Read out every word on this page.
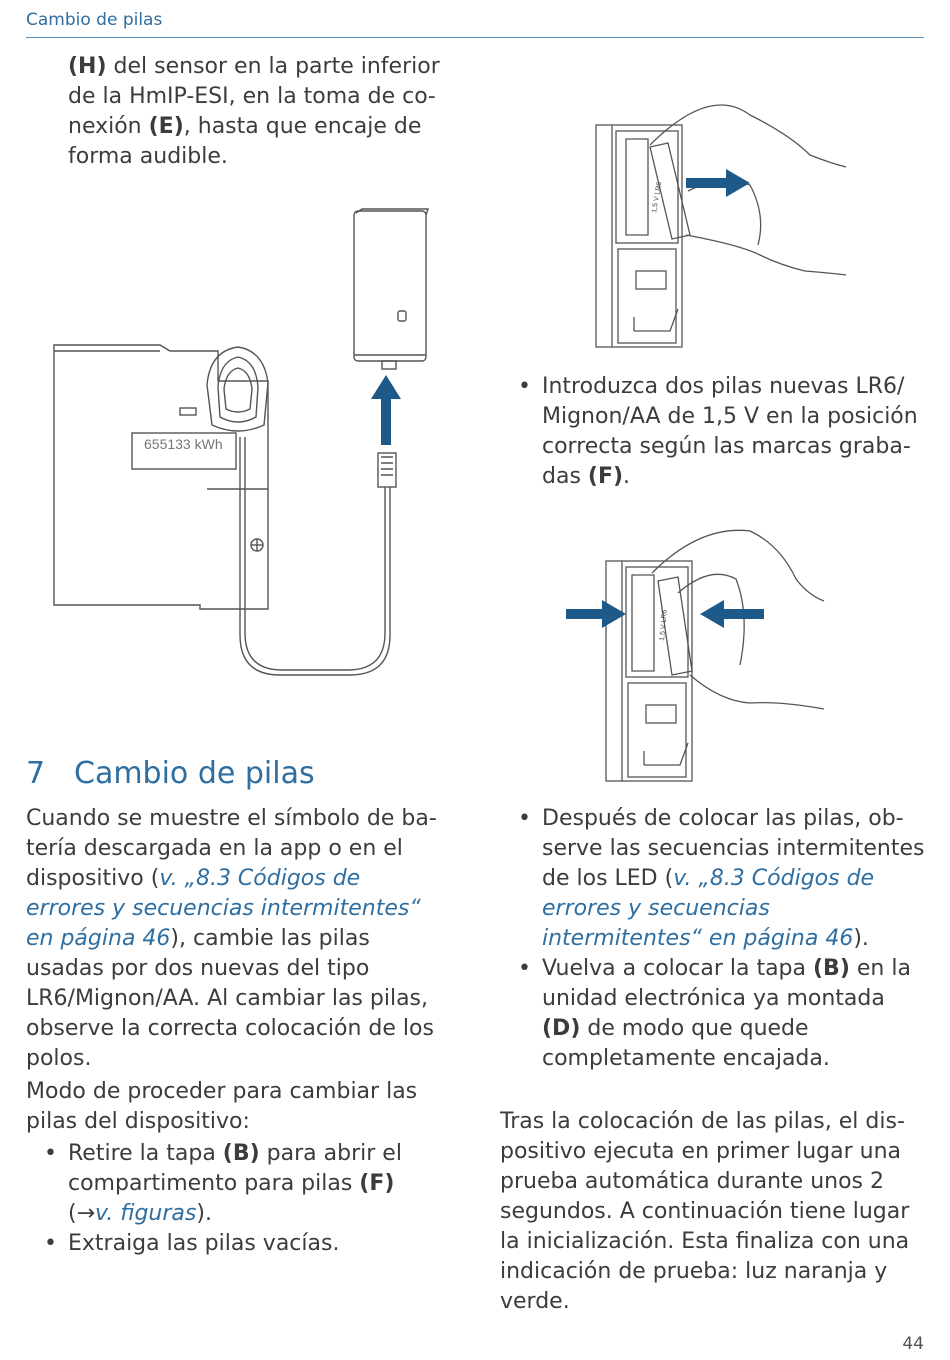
Cambio de pilas
(H) del sensor en la parte inferior de la HmIP-ESI, en la toma de conexión (E), hasta que encaje de forma audible.
655133 kWh
1,5 V LR6
• Introduzca dos pilas nuevas LR6/ Mignon/AA de 1,5 V en la posición correcta según las marcas grabadas (F).
1,5 V LR6
7 Cambio de pilas
Cuando se muestre el símbolo de batería descargada en la app o en el dispositivo (v. „8.3 Códigos de errores y secuencias intermitentes“ en página 46), cambie las pilas usadas por dos nuevas del tipo LR6/Mignon/AA. Al cambiar las pilas, observe la correcta colocación de los polos.
Modo de proceder para cambiar las pilas del dispositivo:
• Retire la tapa (B) para abrir el compartimento para pilas (F) (→v. figuras).
• Extraiga las pilas vacías.
• Después de colocar las pilas, observe las secuencias intermitentes de los LED (v. „8.3 Códigos de errores y secuencias intermitentes“ en página 46).
• Vuelva a colocar la tapa (B) en la unidad electrónica ya montada (D) de modo que quede completamente encajada.
Tras la colocación de las pilas, el dispositivo ejecuta en primer lugar una prueba automática durante unos 2 segundos. A continuación tiene lugar la inicialización. Esta finaliza con una indicación de prueba: luz naranja y verde.
44
